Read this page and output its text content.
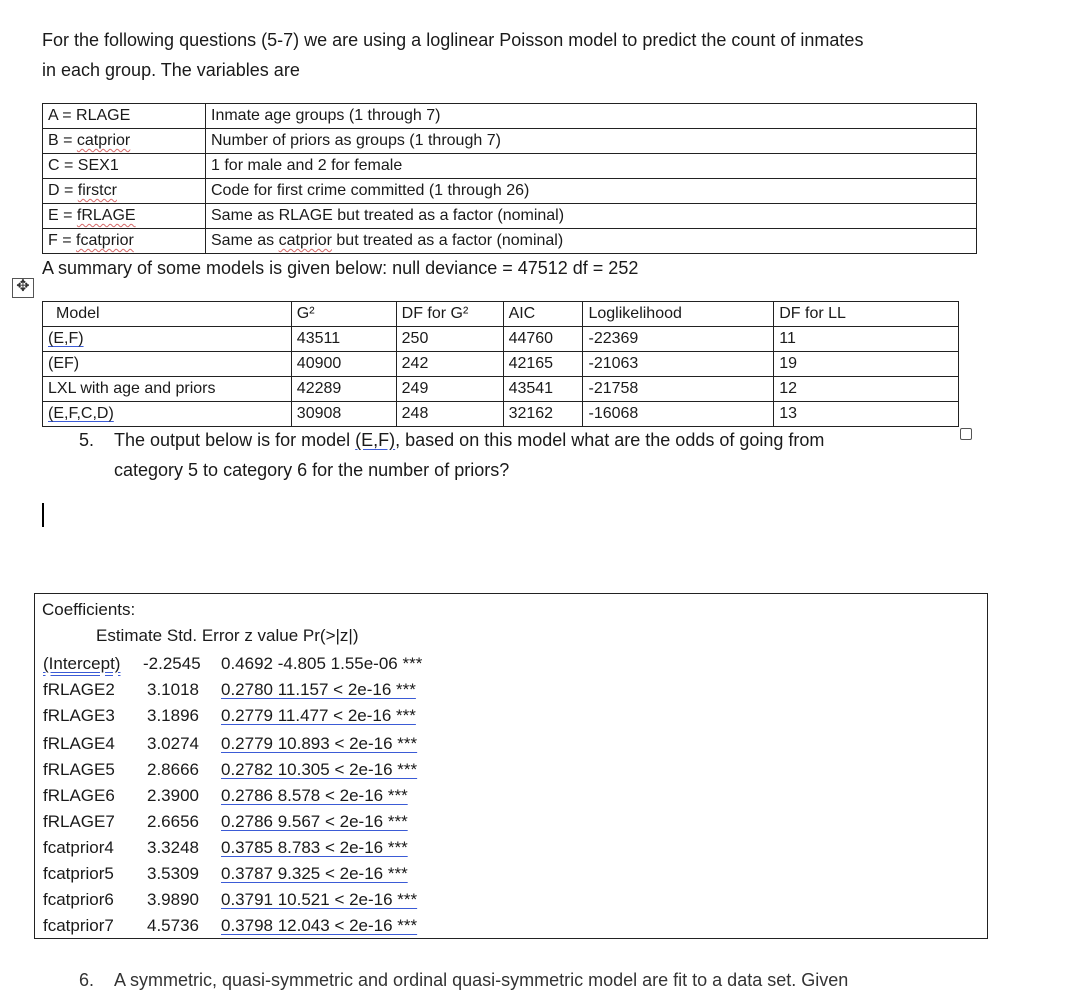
For the following questions (5-7) we are using a loglinear Poisson model to predict the count of inmates
in each group. The variables are
A = RLAGE	Inmate age groups (1 through 7)
B = catprior	Number of priors as groups (1 through 7)
C = SEX1	1 for male and 2 for female
D = firstcr	Code for first crime committed (1 through 26)
E = fRLAGE	Same as RLAGE but treated as a factor (nominal)
F = fcatprior	Same as catprior but treated as a factor (nominal)
✥
A summary of some models is given below: null deviance = 47512 df = 252
Model	G²	DF for G²	AIC	Loglikelihood	DF for LL
(E,F)	43511	250	44760	-22369	11
(EF)	40900	242	42165	-21063	19
LXL with age and priors	42289	249	43541	-21758	12
(E,F,C,D)	30908	248	32162	-16068	13
5. The output below is for model (E,F), based on this model what are the odds of going from
category 5 to category 6 for the number of priors?
Coefficients:
Estimate Std. Error z value Pr(>|z|)
(Intercept) -2.2545 0.4692 -4.805 1.55e-06 ***
fRLAGE2 3.1018 0.2780 11.157 < 2e-16 ***
fRLAGE3 3.1896 0.2779 11.477 < 2e-16 ***
fRLAGE4 3.0274 0.2779 10.893 < 2e-16 ***
fRLAGE5 2.8666 0.2782 10.305 < 2e-16 ***
fRLAGE6 2.3900 0.2786 8.578 < 2e-16 ***
fRLAGE7 2.6656 0.2786 9.567 < 2e-16 ***
fcatprior4 3.3248 0.3785 8.783 < 2e-16 ***
fcatprior5 3.5309 0.3787 9.325 < 2e-16 ***
fcatprior6 3.9890 0.3791 10.521 < 2e-16 ***
fcatprior7 4.5736 0.3798 12.043 < 2e-16 ***
6. A symmetric, quasi-symmetric and ordinal quasi-symmetric model are fit to a data set. Given
